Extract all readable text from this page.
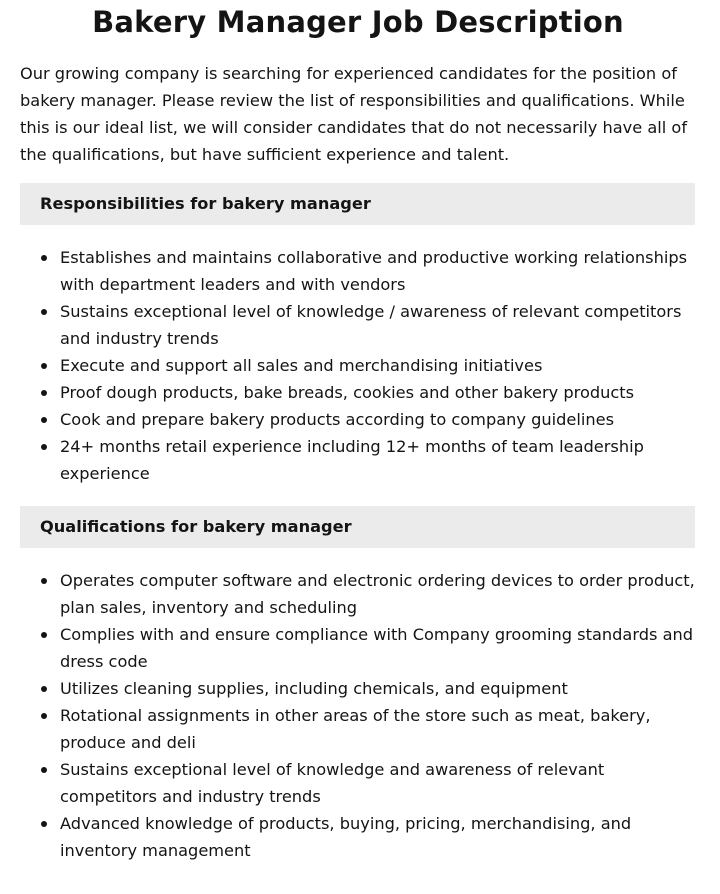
Bakery Manager Job Description

Our growing company is searching for experienced candidates for the position of bakery manager. Please review the list of responsibilities and qualifications. While this is our ideal list, we will consider candidates that do not necessarily have all of the qualifications, but have sufficient experience and talent.

Responsibilities for bakery manager
Establishes and maintains collaborative and productive working relationships with department leaders and with vendors
Sustains exceptional level of knowledge / awareness of relevant competitors and industry trends
Execute and support all sales and merchandising initiatives
Proof dough products, bake breads, cookies and other bakery products
Cook and prepare bakery products according to company guidelines
24+ months retail experience including 12+ months of team leadership experience
Qualifications for bakery manager
Operates computer software and electronic ordering devices to order product, plan sales, inventory and scheduling
Complies with and ensure compliance with Company grooming standards and dress code
Utilizes cleaning supplies, including chemicals, and equipment
Rotational assignments in other areas of the store such as meat, bakery, produce and deli
Sustains exceptional level of knowledge and awareness of relevant competitors and industry trends
Advanced knowledge of products, buying, pricing, merchandising, and inventory management
